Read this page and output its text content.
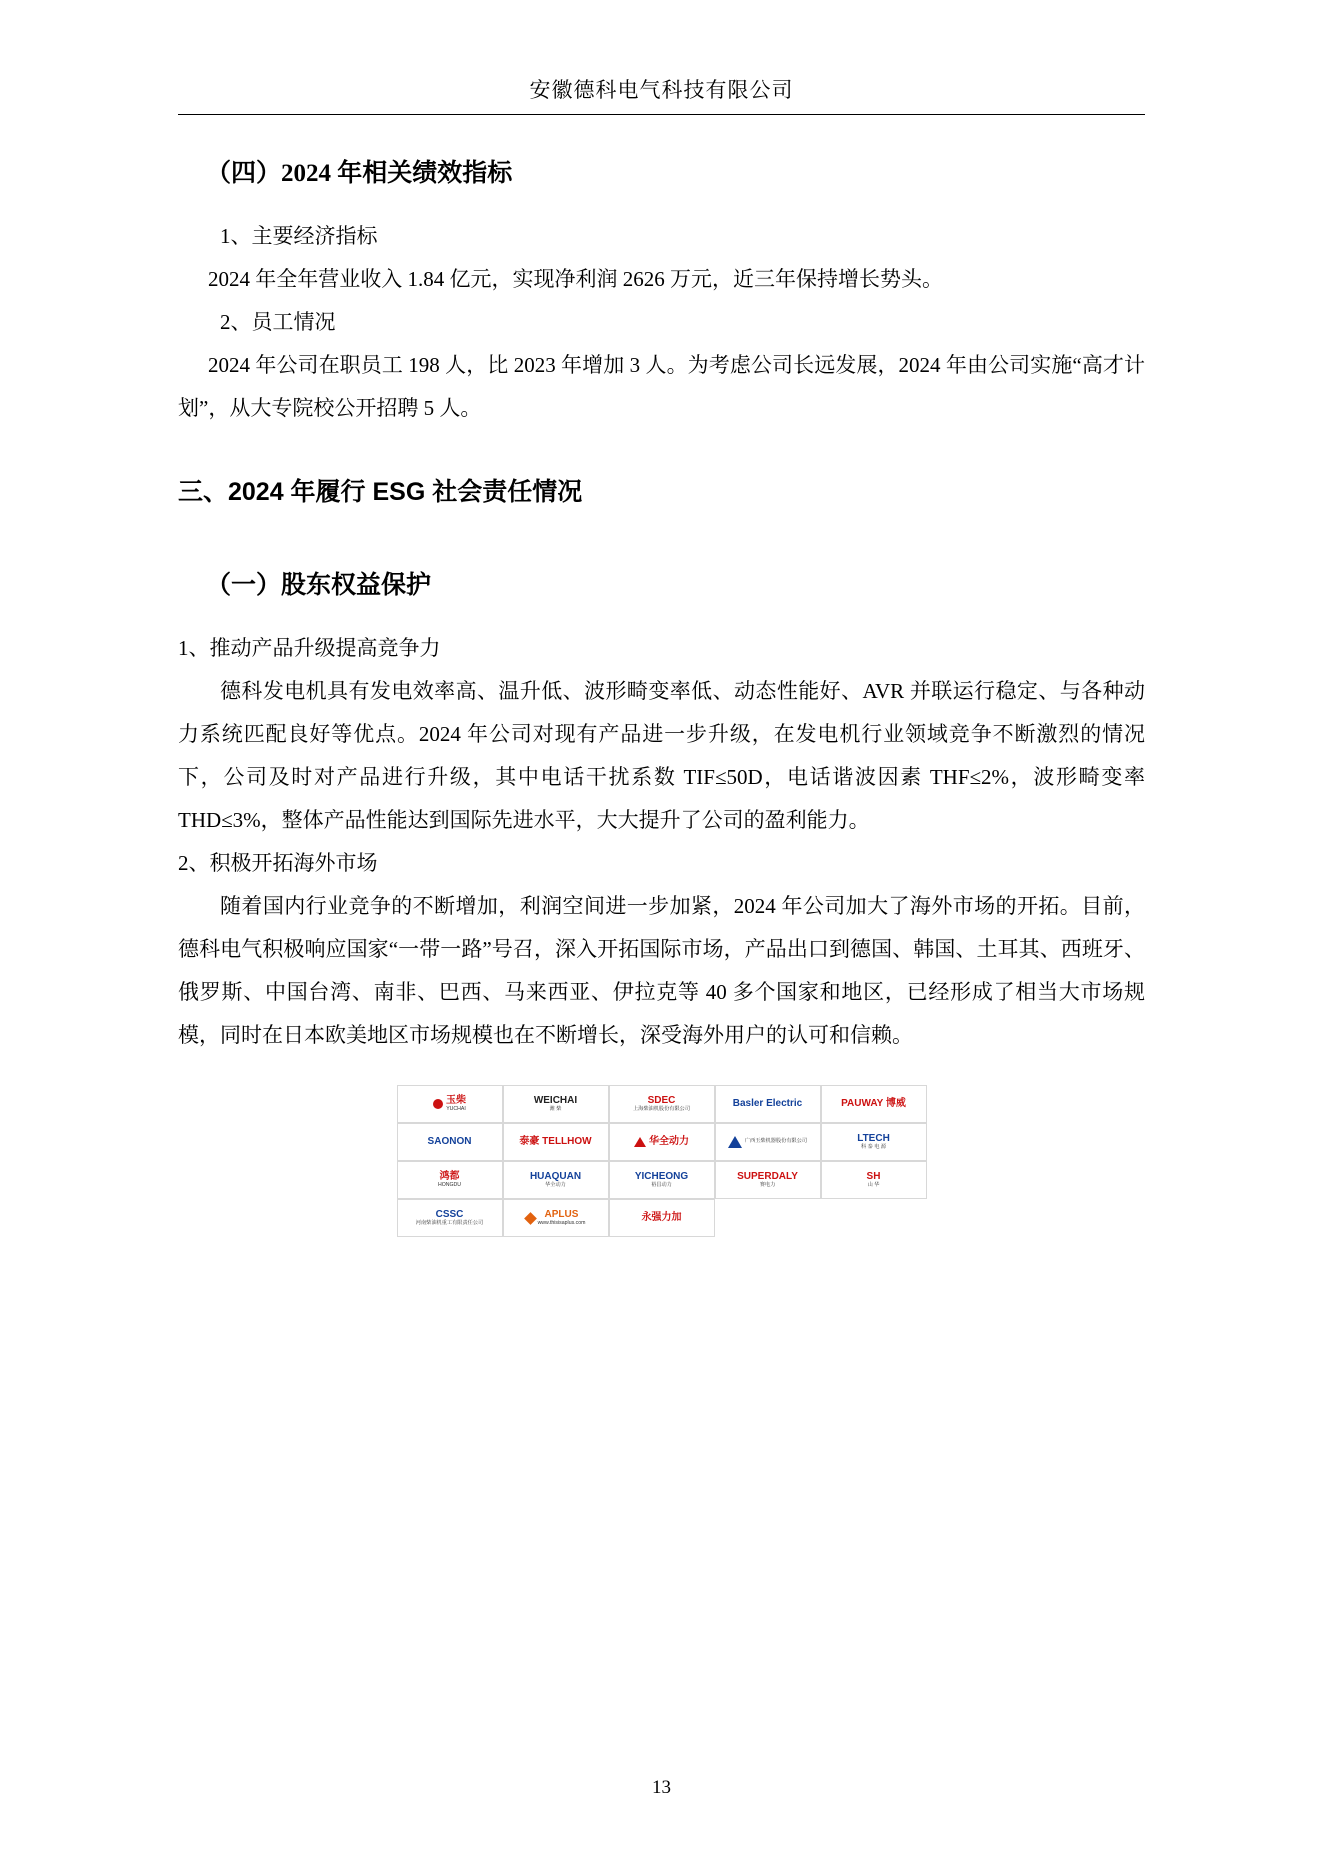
安徽德科电气科技有限公司
（四）2024 年相关绩效指标

1、主要经济指标

2024 年全年营业收入 1.84 亿元，实现净利润 2626 万元，近三年保持增长势头。

2、员工情况

2024 年公司在职员工 198 人，比 2023 年增加 3 人。为考虑公司长远发展，2024 年由公司实施“高才计划”，从大专院校公开招聘 5 人。

三、2024 年履行 ESG 社会责任情况
（一）股东权益保护

1、推动产品升级提高竞争力

德科发电机具有发电效率高、温升低、波形畸变率低、动态性能好、AVR 并联运行稳定、与各种动力系统匹配良好等优点。2024 年公司对现有产品进一步升级，在发电机行业领域竞争不断激烈的情况下，公司及时对产品进行升级，其中电话干扰系数 TIF≤50D，电话谐波因素 THF≤2%，波形畸变率 THD≤3%，整体产品性能达到国际先进水平，大大提升了公司的盈利能力。

2、积极开拓海外市场

随着国内行业竞争的不断增加，利润空间进一步加紧，2024 年公司加大了海外市场的开拓。目前，德科电气积极响应国家“一带一路”号召，深入开拓国际市场，产品出口到德国、韩国、土耳其、西班牙、俄罗斯、中国台湾、南非、巴西、马来西亚、伊拉克等 40 多个国家和地区，已经形成了相当大市场规模，同时在日本欧美地区市场规模也在不断增长，深受海外用户的认可和信赖。

玉柴
YUCHAI
WEICHAI
潍 柴
SDEC
上海柴油机股份有限公司	Basler Electric	PAUWAY 博威
SAONON	泰豪 TELLHOW	华全动力	广西玉柴机器股份有限公司	LTECH
科 泰 电 源
鸿都
HONGDU
HUAQUAN
华全动力
YICHEONG
裕昌动力
SUPERDALY
赛电力
SH
山 华
CSSC
河南柴油机重工有限责任公司
APLUS
www.thisisaplus.com	永强力加
13
